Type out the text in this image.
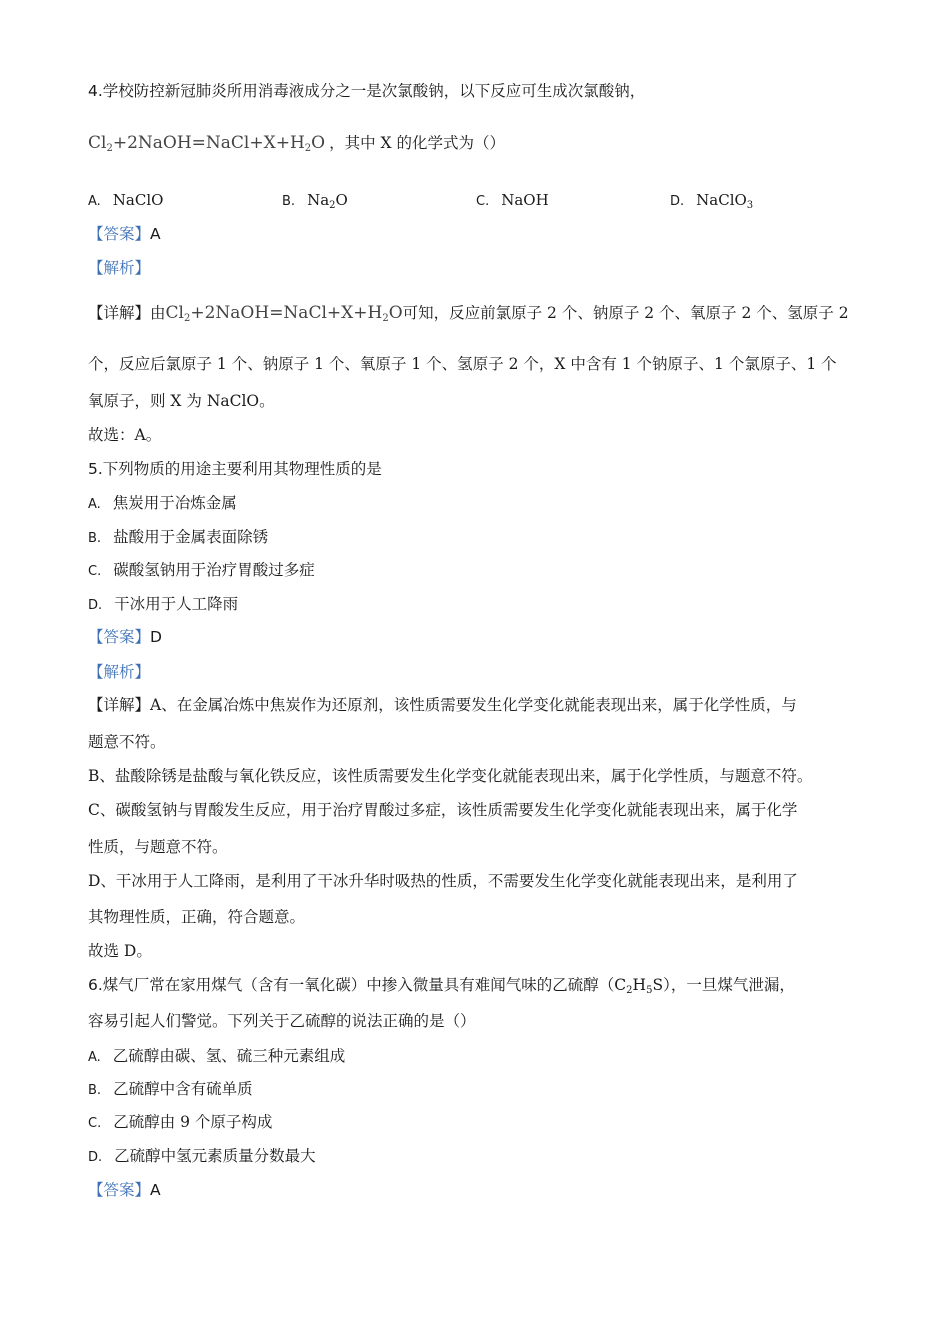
4.学校防控新冠肺炎所用消毒液成分之一是次氯酸钠，以下反应可生成次氯酸钠，
$Cl_2+2NaOH=NaCl+X+H_2O$ ，其中 X 的化学式为（）
A. NaClO	B. $Na_2O$	C. NaOH	D. NaClO$_3$
【答案】A
【解析】
【详解】由$Cl_2+2NaOH=NaCl+X+H_2O$可知，反应前氯原子 2 个、钠原子 2 个、氧原子 2 个、氢原子 2
个，反应后氯原子 1 个、钠原子 1 个、氧原子 1 个、氢原子 2 个，X 中含有 1 个钠原子、1 个氯原子、1 个
氧原子，则 X 为 NaClO。
故选：A。
5.下列物质的用途主要利用其物理性质的是
A. 焦炭用于冶炼金属
B. 盐酸用于金属表面除锈
C. 碳酸氢钠用于治疗胃酸过多症
D. 干冰用于人工降雨
【答案】D
【解析】
【详解】A、在金属冶炼中焦炭作为还原剂，该性质需要发生化学变化就能表现出来，属于化学性质，与
题意不符。
B、盐酸除锈是盐酸与氧化铁反应，该性质需要发生化学变化就能表现出来，属于化学性质，与题意不符。
C、碳酸氢钠与胃酸发生反应，用于治疗胃酸过多症，该性质需要发生化学变化就能表现出来，属于化学
性质，与题意不符。
D、干冰用于人工降雨，是利用了干冰升华时吸热的性质，不需要发生化学变化就能表现出来，是利用了
其物理性质，正确，符合题意。
故选 D。
6.煤气厂常在家用煤气（含有一氧化碳）中掺入微量具有难闻气味的乙硫醇$(C_2H_5S)$，一旦煤气泄漏，
容易引起人们警觉。下列关于乙硫醇的说法正确的是（）
A. 乙硫醇由碳、氢、硫三种元素组成
B. 乙硫醇中含有硫单质
C. 乙硫醇由 9 个原子构成
D. 乙硫醇中氢元素质量分数最大
【答案】A
